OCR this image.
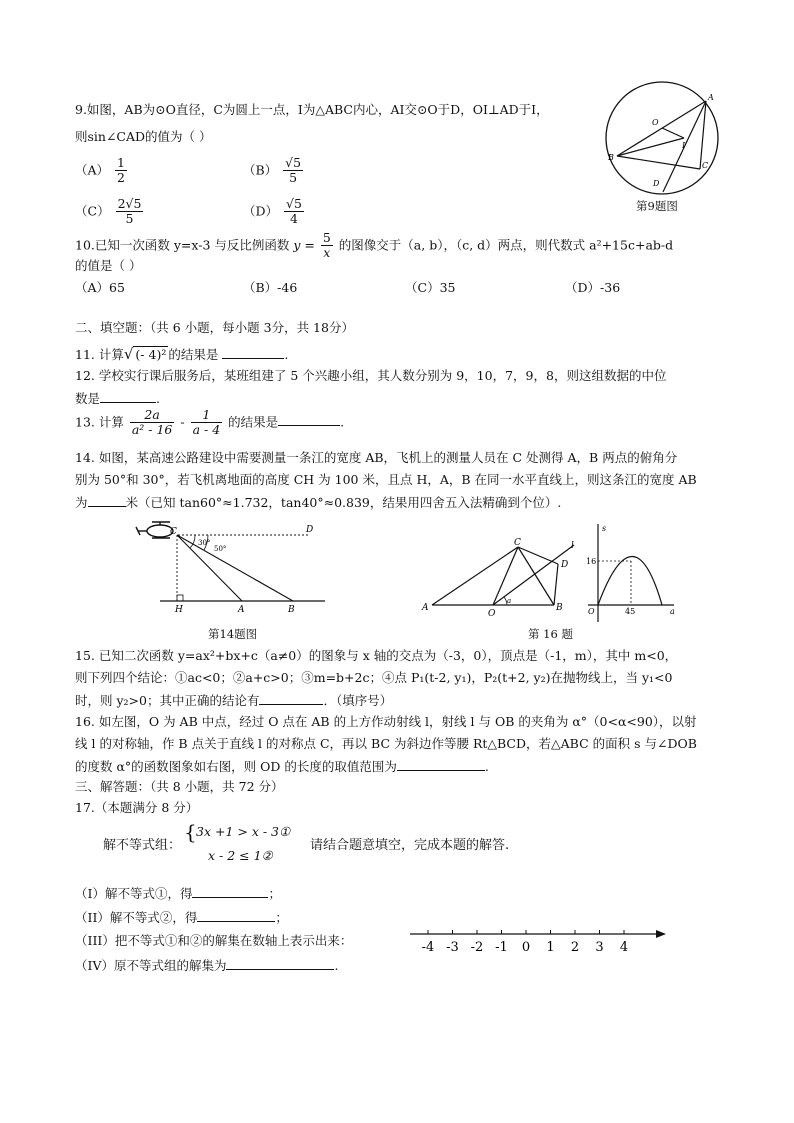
9.如图，AB为⊙O直径，C为圆上一点，I为△ABC内心，AI交⊙O于D，OI⊥AD于I，
则sin∠CAD的值为（ ）
$(A) \frac{1}{2}$	$(B) \frac{√5}{5}$
$(C) \frac{2√5}{5}$	$(D) \frac{√5}{4}$
A
B
C
D
O
I
第9题图
10.已知一次函数 y=x-3 与反比例函数 $y = \frac{5}{x}$ 的图像交于（a, b），（c, d）两点，则代数式 a²+15c+ab-d
的值是（ ）
（A）65	（B）-46	（C）35	（D）-36
二、填空题：（共 6 小题，每小题 3分，共 18分）
11. 计算√ (- 4)² 的结果是	.
12. 学校实行课后服务后，某班组建了 5 个兴趣小组，其人数分别为 9，10，7，9，8，则这组数据的中位
数是	.
13. 计算 $\frac{2a}{\text{a² - 16}} - \frac{1}{a - 4}$ 的结果是	.
14. 如图，某高速公路建设中需要测量一条江的宽度 AB，飞机上的测量人员在 C 处测得 A，B 两点的俯角分
别为 50°和 30°，若飞机离地面的高度 CH 为 100 米，且点 H，A，B 在同一水平直线上，则这条江的宽度 AB
为	米（已知 tan60°≈1.732，tan40°≈0.839，结果用四舍五入法精确到个位）.
C	D
H	A	B
30°
50°
第14题图
A
O
B
C
D
l
a
s
16
O	45	a
第 16 题
15. 已知二次函数 y=ax²+bx+c（a≠0）的图象与 x 轴的交点为（-3，0），顶点是（-1，m），其中 m<0，
则下列四个结论：①ac<0；②a+c>0；③m=b+2c；④点 P₁(t-2, y₁)，P₂(t+2, y₂)在抛物线上，当 y₁<0
时，则 y₂>0；其中正确的结论有	．（填序号）
16. 如左图，O 为 AB 中点，经过 O 点在 AB 的上方作动射线 l，射线 l 与 OB 的夹角为 α°（0<α<90），以射
线 l 的对称轴，作 B 点关于直线 l 的对称点 C，再以 BC 为斜边作等腰 Rt△BCD，若△ABC 的面积 s 与∠DOB
的度数 α°的函数图象如右图，则 OD 的长度的取值范围为	.
三、解答题：（共 8 小题，共 72 分）
17.（本题满分 8 分）
解不等式组：
{ 3x +1 > x - 3①
x - 2 ≤ 1②
请结合题意填空，完成本题的解答.
（I）解不等式①，得	；
（II）解不等式②，得	；
（III）把不等式①和②的解集在数轴上表示出来：
（IV）原不等式组的解集为	.
-4 -3 -2 -1 0 1 2 3 4
